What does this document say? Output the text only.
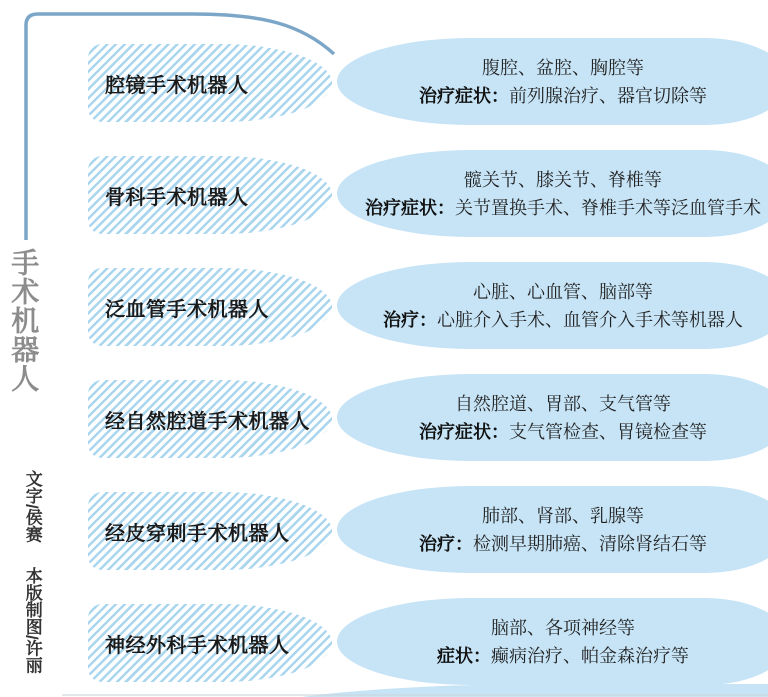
手术机器人
文字/侯赛 本版制图/许丽
腔镜手术机器人
腹腔、盆腔、胸腔等
治疗症状：前列腺治疗、器官切除等
骨科手术机器人
髋关节、膝关节、脊椎等
治疗症状：关节置换手术、脊椎手术等泛血管手术
泛血管手术机器人
心脏、心血管、脑部等
治疗：心脏介入手术、血管介入手术等机器人
经自然腔道手术机器人
自然腔道、胃部、支气管等
治疗症状：支气管检查、胃镜检查等
经皮穿刺手术机器人
肺部、肾部、乳腺等
治疗：检测早期肺癌、清除肾结石等
神经外科手术机器人
脑部、各项神经等
症状：癫病治疗、帕金森治疗等
